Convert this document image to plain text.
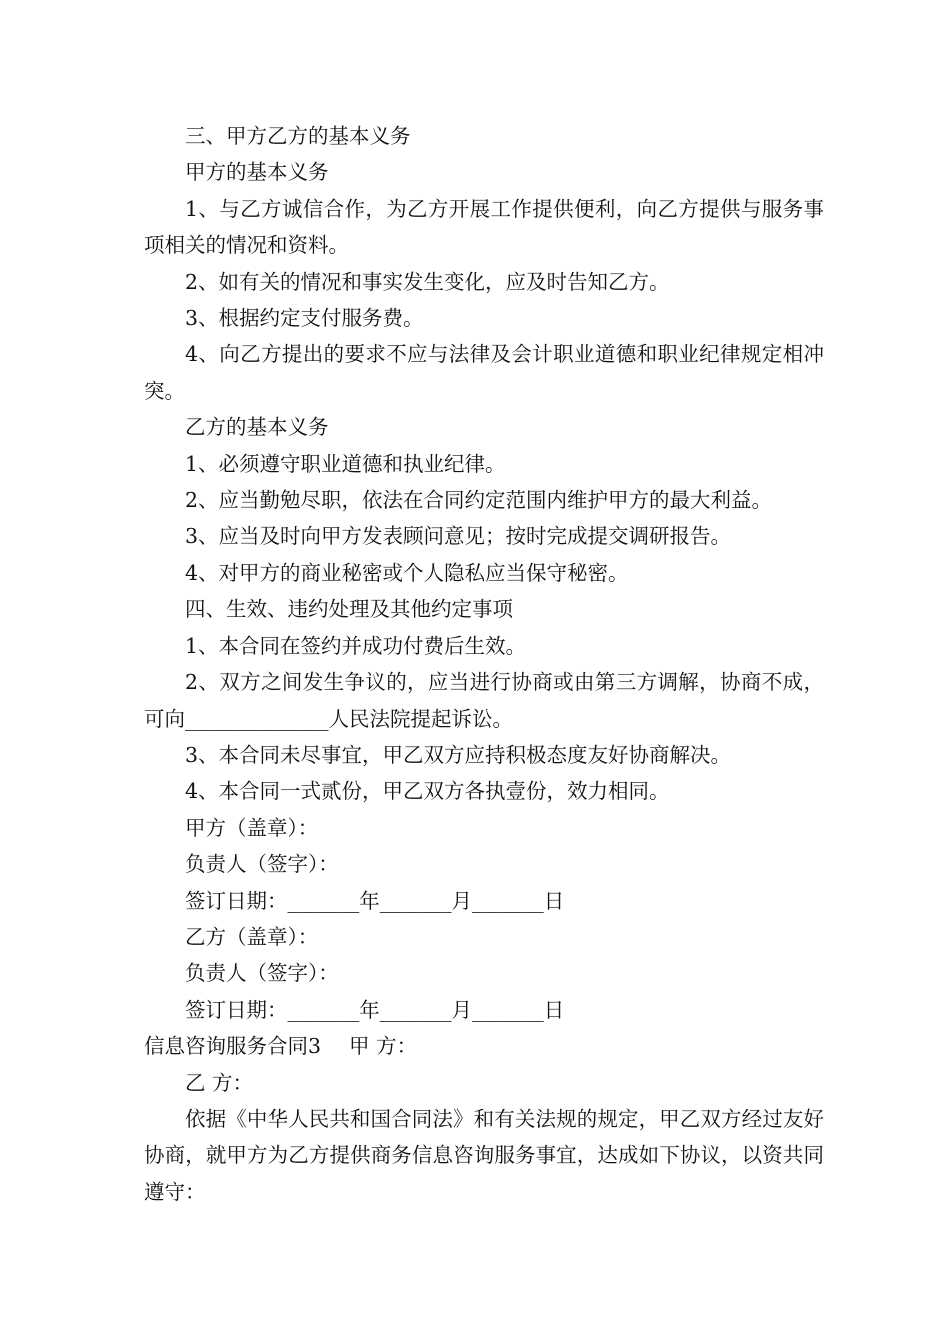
三、甲方乙方的基本义务

甲方的基本义务

1、与乙方诚信合作，为乙方开展工作提供便利，向乙方提供与服务事项相关的情况和资料。

2、如有关的情况和事实发生变化，应及时告知乙方。

3、根据约定支付服务费。

4、向乙方提出的要求不应与法律及会计职业道德和职业纪律规定相冲突。

乙方的基本义务

1、必须遵守职业道德和执业纪律。

2、应当勤勉尽职，依法在合同约定范围内维护甲方的最大利益。

3、应当及时向甲方发表顾问意见；按时完成提交调研报告。

4、对甲方的商业秘密或个人隐私应当保守秘密。

四、生效、违约处理及其他约定事项

1、本合同在签约并成功付费后生效。

2、双方之间发生争议的，应当进行协商或由第三方调解，协商不成，可向______________人民法院提起诉讼。

3、本合同未尽事宜，甲乙双方应持积极态度友好协商解决。

4、本合同一式贰份，甲乙双方各执壹份，效力相同。

甲方（盖章）：

负责人（签字）：

签订日期：_______年_______月_______日

乙方（盖章）：

负责人（签字）：

签订日期：_______年_______月_______日

信息咨询服务合同3 甲 方：

乙 方：

依据《中华人民共和国合同法》和有关法规的规定，甲乙双方经过友好协商，就甲方为乙方提供商务信息咨询服务事宜，达成如下协议，以资共同遵守：
